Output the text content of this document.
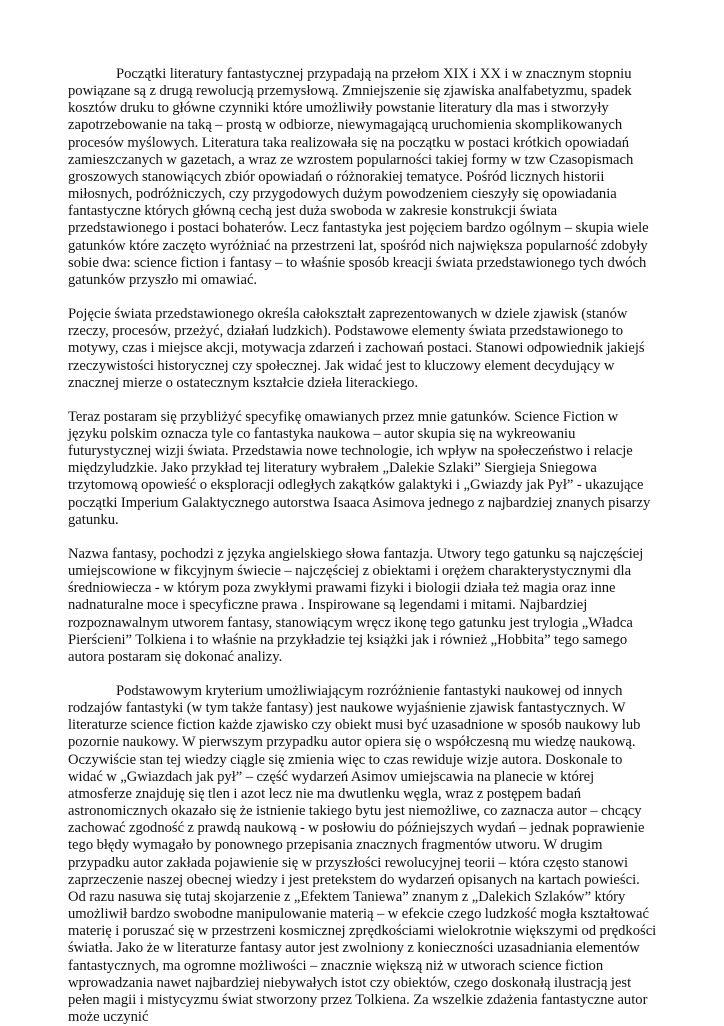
Początki literatury fantastycznej przypadają na przełom XIX i XX i w znacznym stopniu powiązane są z drugą rewolucją przemysłową. Zmniejszenie się zjawiska analfabetyzmu, spadek kosztów druku to główne czynniki które umożliwiły powstanie literatury dla mas i stworzyły zapotrzebowanie na taką – prostą w odbiorze, niewymagającą uruchomienia skomplikowanych procesów myślowych. Literatura taka realizowała się na początku w postaci krótkich opowiadań zamieszczanych w gazetach, a wraz ze wzrostem popularności takiej formy w tzw Czasopismach groszowych stanowiących zbiór opowiadań o różnorakiej tematyce. Pośród licznych historii miłosnych, podróżniczych, czy przygodowych dużym powodzeniem cieszyły się opowiadania fantastyczne których główną cechą jest duża swoboda w zakresie konstrukcji świata przedstawionego i postaci bohaterów. Lecz fantastyka jest pojęciem bardzo ogólnym – skupia wiele gatunków które zaczęto wyróżniać na przestrzeni lat, spośród nich największa popularność zdobyły sobie dwa: science fiction i fantasy – to właśnie sposób kreacji świata przedstawionego tych dwóch gatunków przyszło mi omawiać.

Pojęcie świata przedstawionego określa całokształt zaprezentowanych w dziele zjawisk (stanów rzeczy, procesów, przeżyć, działań ludzkich). Podstawowe elementy świata przedstawionego to motywy, czas i miejsce akcji, motywacja zdarzeń i zachowań postaci. Stanowi odpowiednik jakiejś rzeczywistości historycznej czy społecznej. Jak widać jest to kluczowy element decydujący w znacznej mierze o ostatecznym kształcie dzieła literackiego.

Teraz postaram się przybliżyć specyfikę omawianych przez mnie gatunków. Science Fiction w języku polskim oznacza tyle co fantastyka naukowa – autor skupia się na wykreowaniu futurystycznej wizji świata. Przedstawia nowe technologie, ich wpływ na społeczeństwo i relacje międzyludzkie. Jako przykład tej literatury wybrałem „Dalekie Szlaki” Siergieja Sniegowa trzytomową opowieść o eksploracji odległych zakątków galaktyki i „Gwiazdy jak Pył” - ukazujące początki Imperium Galaktycznego autorstwa Isaaca Asimova jednego z najbardziej znanych pisarzy gatunku.

Nazwa fantasy, pochodzi z języka angielskiego słowa fantazja. Utwory tego gatunku są najczęściej umiejscowione w fikcyjnym świecie – najczęściej z obiektami i orężem charakterystycznymi dla średniowiecza - w którym poza zwykłymi prawami fizyki i biologii działa też magia oraz inne nadnaturalne moce i specyficzne prawa . Inspirowane są legendami i mitami. Najbardziej rozpoznawalnym utworem fantasy, stanowiącym wręcz ikonę tego gatunku jest trylogia „Władca Pierścieni” Tolkiena i to właśnie na przykładzie tej książki jak i również „Hobbita” tego samego autora postaram się dokonać analizy.

Podstawowym kryterium umożliwiającym rozróżnienie fantastyki naukowej od innych rodzajów fantastyki (w tym także fantasy) jest naukowe wyjaśnienie zjawisk fantastycznych. W literaturze science fiction każde zjawisko czy obiekt musi być uzasadnione w sposób naukowy lub pozornie naukowy. W pierwszym przypadku autor opiera się o współczesną mu wiedzę naukową. Oczywiście stan tej wiedzy ciągle się zmienia więc to czas rewiduje wizje autora. Doskonale to widać w „Gwiazdach jak pył” – część wydarzeń Asimov umiejscawia na planecie w której atmosferze znajduję się tlen i azot lecz nie ma dwutlenku węgla, wraz z postępem badań astronomicznych okazało się że istnienie takiego bytu jest niemożliwe, co zaznacza autor – chcący zachować zgodność z prawdą naukową - w posłowiu do późniejszych wydań – jednak poprawienie tego błędy wymagało by ponownego przepisania znacznych fragmentów utworu. W drugim przypadku autor zakłada pojawienie się w przyszłości rewolucyjnej teorii – która często stanowi zaprzeczenie naszej obecnej wiedzy i jest pretekstem do wydarzeń opisanych na kartach powieści. Od razu nasuwa się tutaj skojarzenie z „Efektem Taniewa” znanym z „Dalekich Szlaków” który umożliwił bardzo swobodne manipulowanie materią – w efekcie czego ludzkość mogła kształtować materię i poruszać się w przestrzeni kosmicznej zprędkościami wielokrotnie większymi od prędkości światła. Jako że w literaturze fantasy autor jest zwolniony z konieczności uzasadniania elementów fantastycznych, ma ogromne możliwości – znacznie większą niż w utworach science fiction wprowadzania nawet najbardziej niebywałych istot czy obiektów, czego doskonałą ilustracją jest pełen magii i mistycyzmu świat stworzony przez Tolkiena. Za wszelkie zdażenia fantastyczne autor może uczynić
